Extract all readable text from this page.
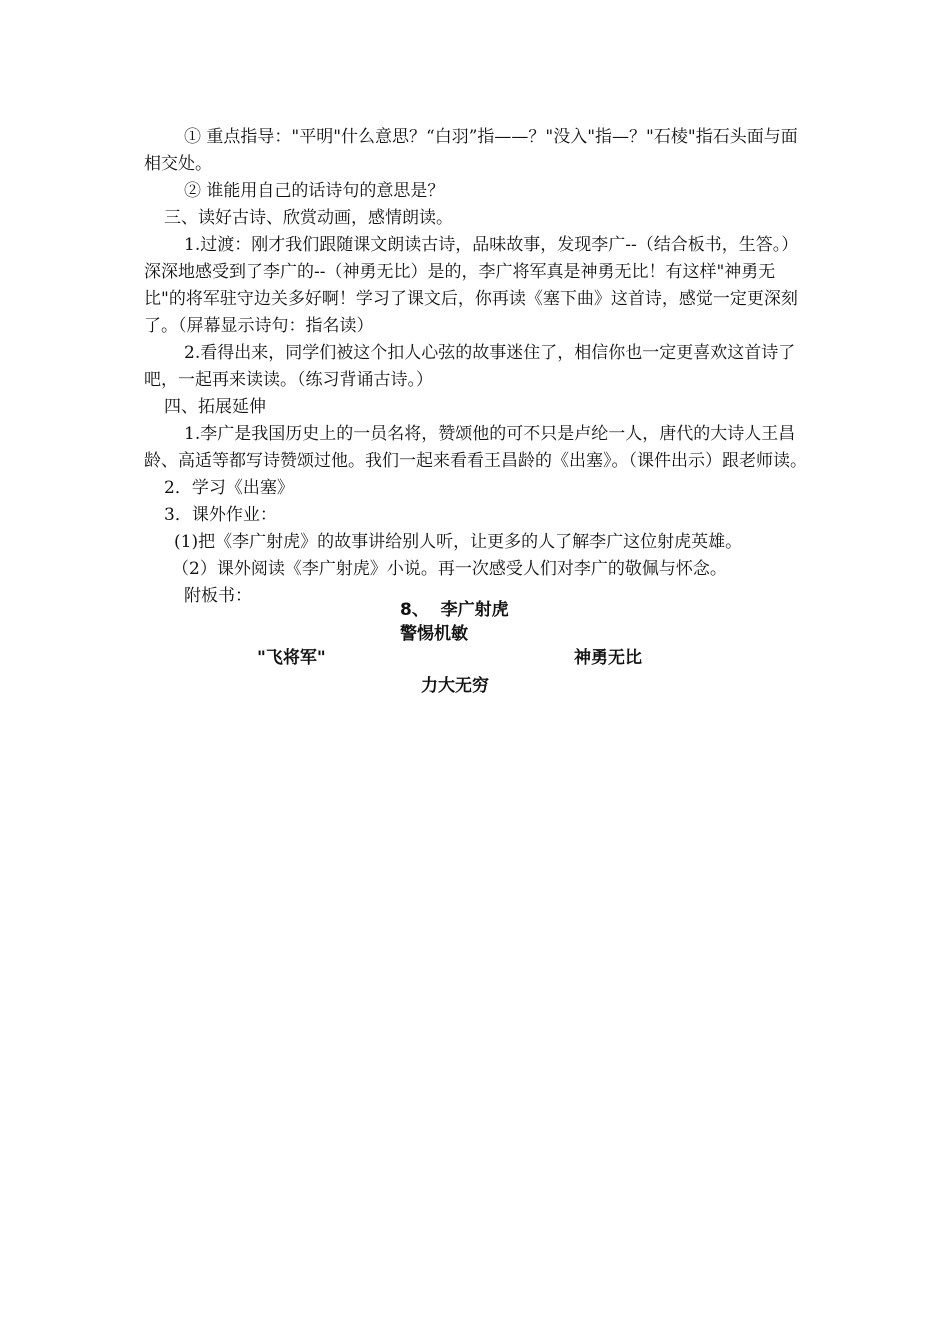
① 重点指导："平明"什么意思？“白羽”指——？"没入"指—？"石棱"指石头面与面相交处。

② 谁能用自己的话诗句的意思是？

三、读好古诗、欣赏动画，感情朗读。

1.过渡：刚才我们跟随课文朗读古诗，品味故事，发现李广--（结合板书，生答。）深深地感受到了李广的--（神勇无比）是的，李广将军真是神勇无比！有这样"神勇无比"的将军驻守边关多好啊！学习了课文后，你再读《塞下曲》这首诗，感觉一定更深刻了。（屏幕显示诗句：指名读）

2.看得出来，同学们被这个扣人心弦的故事迷住了，相信你也一定更喜欢这首诗了吧，一起再来读读。（练习背诵古诗。）

四、拓展延伸

1.李广是我国历史上的一员名将，赞颂他的可不只是卢纶一人，唐代的大诗人王昌龄、高适等都写诗赞颂过他。我们一起来看看王昌龄的《出塞》。（课件出示）跟老师读。

2．学习《出塞》

3．课外作业：

(1)把《李广射虎》的故事讲给别人听，让更多的人了解李广这位射虎英雄。

（2）课外阅读《李广射虎》小说。再一次感受人们对李广的敬佩与怀念。

附板书：

8、  李广射虎
警惕机敏
"飞将军"	神勇无比
力大无穷
